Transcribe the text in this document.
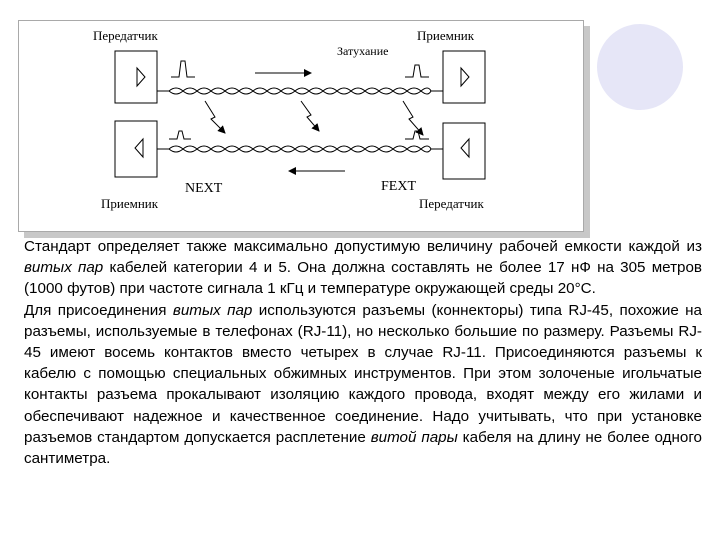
Передатчик	Приемник
Затухание
NEXT	FEXT
Приемник	Передатчик

Стандарт определяет также максимально допустимую величину рабочей емкости каждой из витых пар кабелей категории 4 и 5. Она должна составлять не более 17 нФ на 305 метров (1000 футов) при частоте сигнала 1 кГц и температуре окружающей среды 20°С.

Для присоединения витых пар используются разъемы (коннекторы) типа RJ-45, похожие на разъемы, используемые в телефонах (RJ-11), но несколько большие по размеру. Разъемы RJ-45 имеют восемь контактов вместо четырех в случае RJ-11. Присоединяются разъемы к кабелю с помощью специальных обжимных инструментов. При этом золоченые игольчатые контакты разъема прокалывают изоляцию каждого провода, входят между его жилами и обеспечивают надежное и качественное соединение. Надо учитывать, что при установке разъемов стандартом допускается расплетение витой пары кабеля на длину не более одного сантиметра.
